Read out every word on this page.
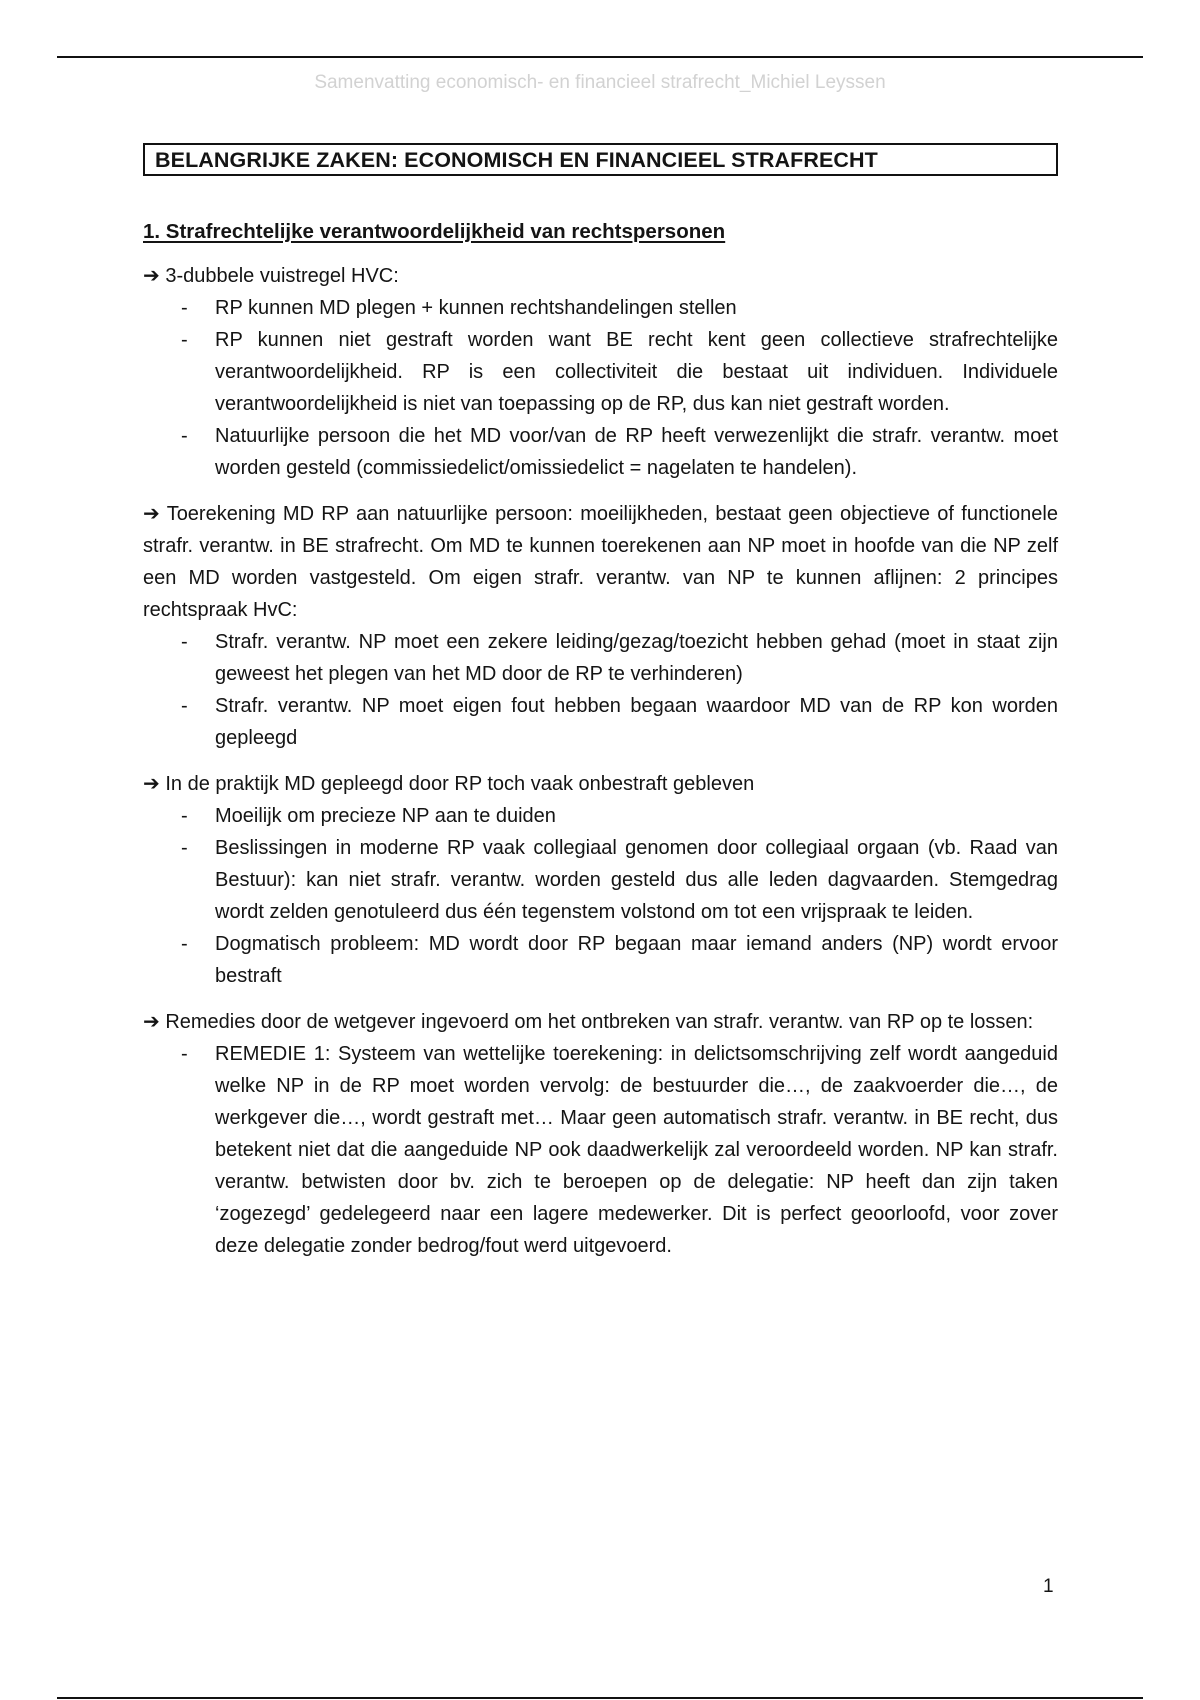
Samenvatting economisch- en financieel strafrecht_Michiel Leyssen
BELANGRIJKE ZAKEN: ECONOMISCH EN FINANCIEEL STRAFRECHT
1. Strafrechtelijke verantwoordelijkheid van rechtspersonen
➔ 3-dubbele vuistregel HVC:
- RP kunnen MD plegen + kunnen rechtshandelingen stellen
- RP kunnen niet gestraft worden want BE recht kent geen collectieve strafrechtelijke verantwoordelijkheid. RP is een collectiviteit die bestaat uit individuen. Individuele verantwoordelijkheid is niet van toepassing op de RP, dus kan niet gestraft worden.
- Natuurlijke persoon die het MD voor/van de RP heeft verwezenlijkt die strafr. verantw. moet worden gesteld (commissiedelict/omissiedelict = nagelaten te handelen).
➔ Toerekening MD RP aan natuurlijke persoon: moeilijkheden, bestaat geen objectieve of functionele strafr. verantw. in BE strafrecht. Om MD te kunnen toerekenen aan NP moet in hoofde van die NP zelf een MD worden vastgesteld. Om eigen strafr. verantw. van NP te kunnen aflijnen: 2 principes rechtspraak HvC:
- Strafr. verantw. NP moet een zekere leiding/gezag/toezicht hebben gehad (moet in staat zijn geweest het plegen van het MD door de RP te verhinderen)
- Strafr. verantw. NP moet eigen fout hebben begaan waardoor MD van de RP kon worden gepleegd
➔ In de praktijk MD gepleegd door RP toch vaak onbestraft gebleven
- Moeilijk om precieze NP aan te duiden
- Beslissingen in moderne RP vaak collegiaal genomen door collegiaal orgaan (vb. Raad van Bestuur): kan niet strafr. verantw. worden gesteld dus alle leden dagvaarden. Stemgedrag wordt zelden genotuleerd dus één tegenstem volstond om tot een vrijspraak te leiden.
- Dogmatisch probleem: MD wordt door RP begaan maar iemand anders (NP) wordt ervoor bestraft
➔ Remedies door de wetgever ingevoerd om het ontbreken van strafr. verantw. van RP op te lossen:
- REMEDIE 1: Systeem van wettelijke toerekening: in delictsomschrijving zelf wordt aangeduid welke NP in de RP moet worden vervolg: de bestuurder die…, de zaakvoerder die…, de werkgever die…, wordt gestraft met… Maar geen automatisch strafr. verantw. in BE recht, dus betekent niet dat die aangeduide NP ook daadwerkelijk zal veroordeeld worden. NP kan strafr. verantw. betwisten door bv. zich te beroepen op de delegatie: NP heeft dan zijn taken ‘zogezegd’ gedelegeerd naar een lagere medewerker. Dit is perfect geoorloofd, voor zover deze delegatie zonder bedrog/fout werd uitgevoerd.
1
